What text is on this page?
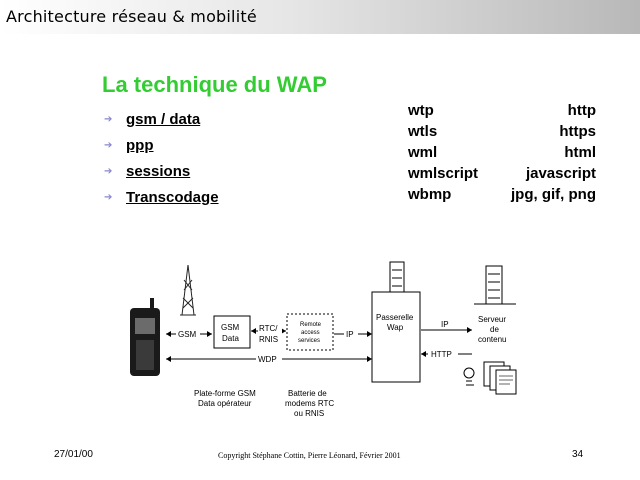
Architecture réseau & mobilité
La technique du WAP
➔ gsm / data
➔ ppp
➔ sessions
➔ Transcodage
wtp	http
wtls	https
wml	html
wmlscript	javascript
wbmp	jpg, gif, png
GSM
GSM
Data
RTC/
RNIS
Remote
access
services
IP
Passerelle
Wap	IP
HTTP
Serveur
de
contenu
WDP
Plate-forme GSM
Data opérateur
Batterie de
modems RTC
ou RNIS
27/01/00	Copyright Stéphane Cottin, Pierre Léonard, Février 2001	34
